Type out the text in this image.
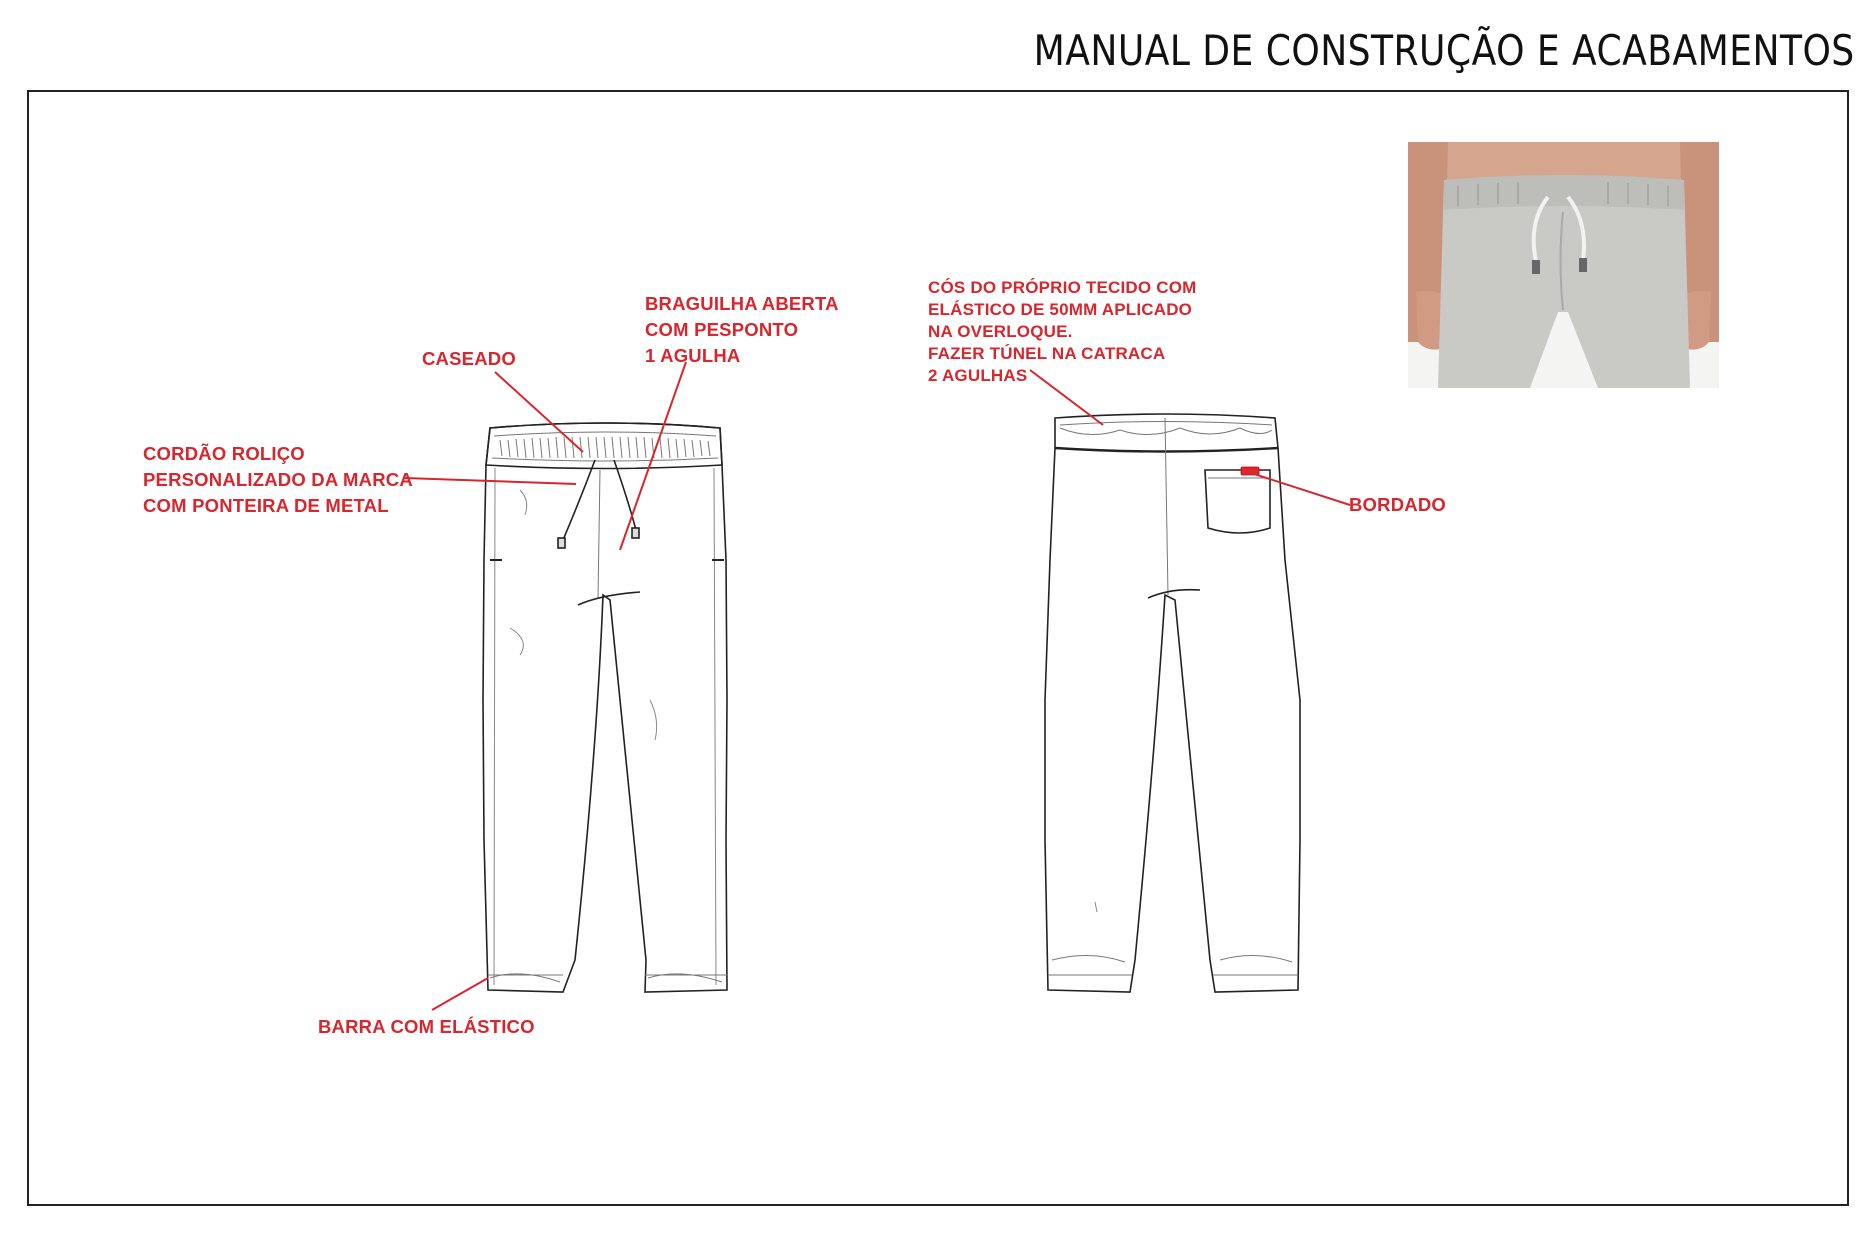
MANUAL DE CONSTRUÇÃO E ACABAMENTOS
CASEADO
BRAGUILHA ABERTA
COM PESPONTO
1 AGULHA
CORDÃO ROLIÇO
PERSONALIZADO DA MARCA
COM PONTEIRA DE METAL
BARRA COM ELÁSTICO
CÓS DO PRÓPRIO TECIDO COM
ELÁSTICO DE 50MM APLICADO
NA OVERLOQUE.
FAZER TÚNEL NA CATRACA
2 AGULHAS
BORDADO
